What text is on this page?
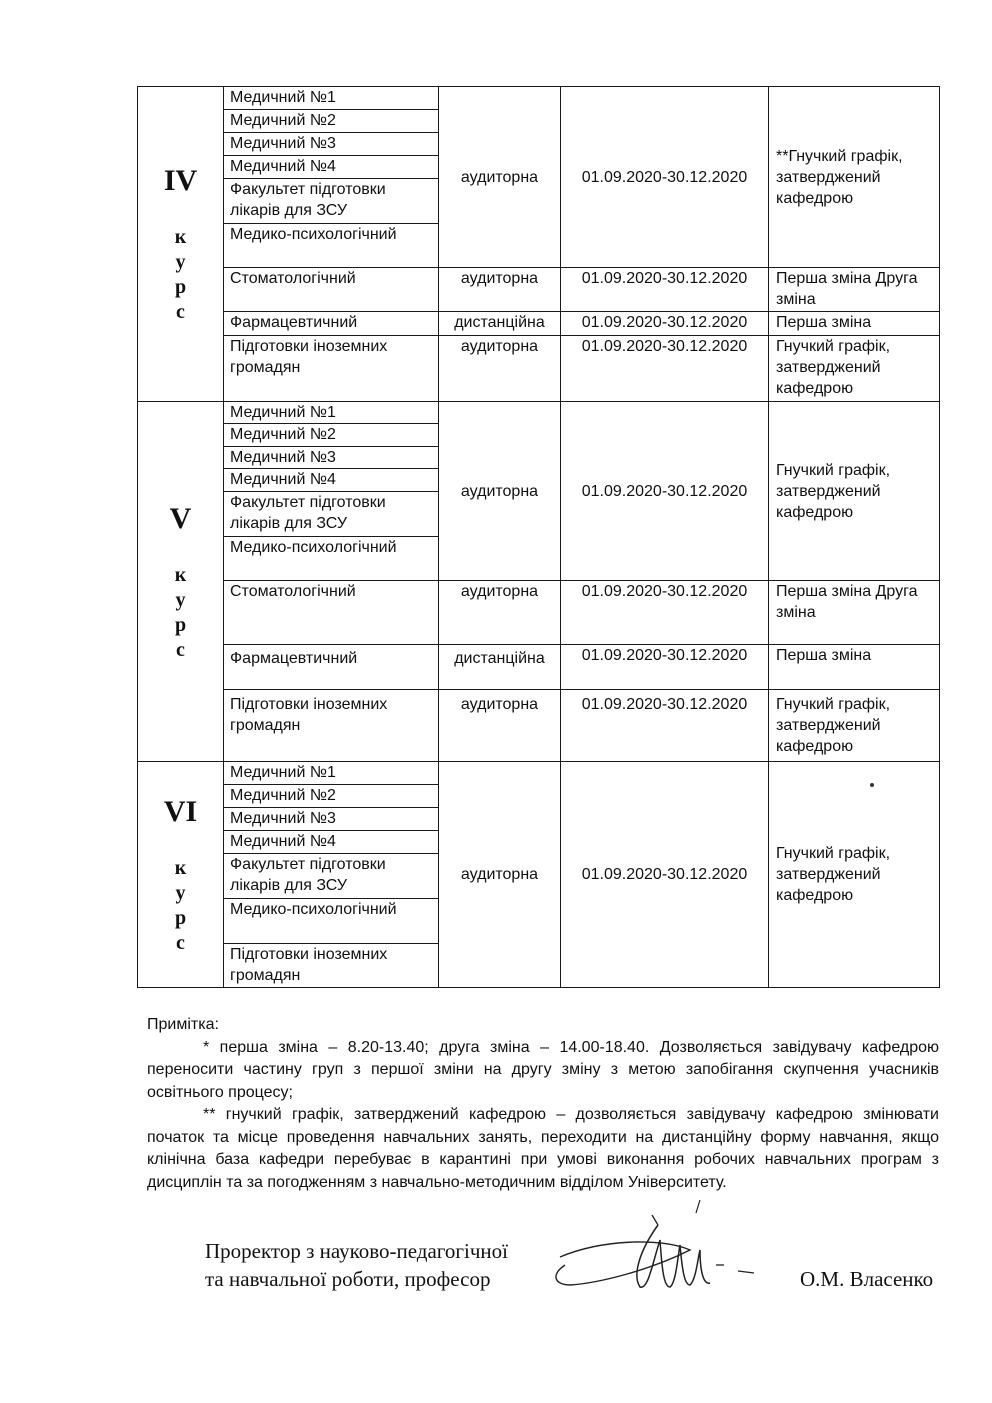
IV
к
у
р
с	Медичний №1	аудиторна	01.09.2020-30.12.2020	**Гнучкий графік, затверджений кафедрою
	Медичний №2			
	Медичний №3			
	Медичний №4			
	Факультет підготовки лікарів для ЗСУ			
	Медико-психологічний			
	Стоматологічний	аудиторна	01.09.2020-30.12.2020	Перша зміна Друга зміна
	Фармацевтичний	дистанційна	01.09.2020-30.12.2020	Перша зміна
	Підготовки іноземних громадян	аудиторна	01.09.2020-30.12.2020	Гнучкий графік, затверджений кафедрою

V
к
у
р
с	Медичний №1	аудиторна	01.09.2020-30.12.2020	Гнучкий графік, затверджений кафедрою
	Медичний №2			
	Медичний №3			
	Медичний №4			
	Факультет підготовки лікарів для ЗСУ			
	Медико-психологічний			
	Стоматологічний	аудиторна	01.09.2020-30.12.2020	Перша зміна Друга зміна
	Фармацевтичний	дистанційна	01.09.2020-30.12.2020	Перша зміна
	Підготовки іноземних громадян	аудиторна	01.09.2020-30.12.2020	Гнучкий графік, затверджений кафедрою

VI
к
у
р
с	Медичний №1	аудиторна	01.09.2020-30.12.2020	Гнучкий графік, затверджений кафедрою
	Медичний №2			
	Медичний №3			
	Медичний №4			
	Факультет підготовки лікарів для ЗСУ			
	Медико-психологічний			
	Підготовки іноземних громадян			

Примітка:

* перша зміна – 8.20-13.40; друга зміна – 14.00-18.40. Дозволяється завідувачу кафедрою переносити частину груп з першої зміни на другу зміну з метою запобігання скупчення учасників освітнього процесу;

** гнучкий графік, затверджений кафедрою – дозволяється завідувачу кафедрою змінювати початок та місце проведення навчальних занять, переходити на дистанційну форму навчання, якщо клінічна база кафедри перебуває в карантині при умові виконання робочих навчальних програм з дисциплін та за погодженням з навчально-методичним відділом Університету.

Проректор з науково-педагогічної
та навчальної роботи, професор	О.М. Власенко
